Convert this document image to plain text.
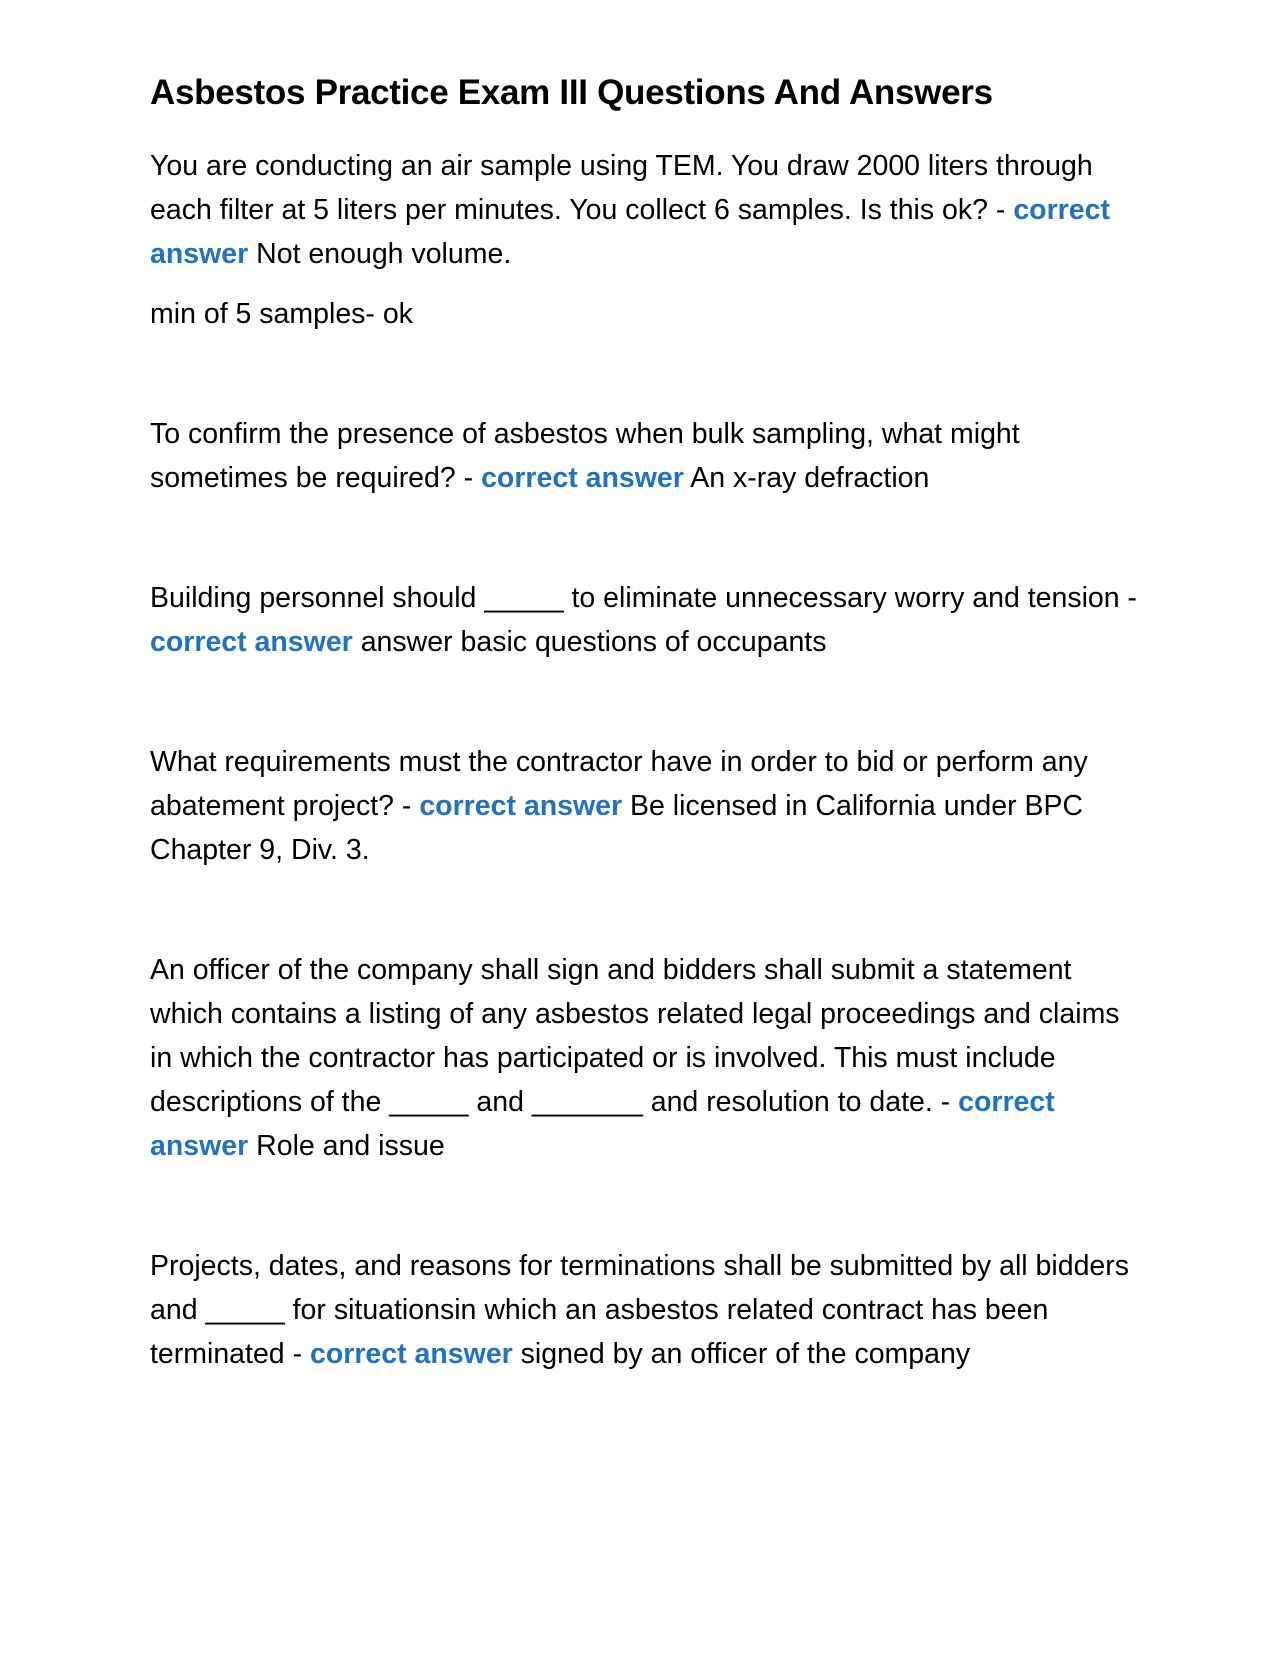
Asbestos Practice Exam III Questions And Answers

You are conducting an air sample using TEM. You draw 2000 liters through each filter at 5 liters per minutes. You collect 6 samples. Is this ok? - correct answer Not enough volume.

min of 5 samples- ok

To confirm the presence of asbestos when bulk sampling, what might sometimes be required? - correct answer An x-ray defraction

Building personnel should _____ to eliminate unnecessary worry and tension - correct answer answer basic questions of occupants

What requirements must the contractor have in order to bid or perform any abatement project? - correct answer Be licensed in California under BPC Chapter 9, Div. 3.

An officer of the company shall sign and bidders shall submit a statement which contains a listing of any asbestos related legal proceedings and claims in which the contractor has participated or is involved. This must include descriptions of the _____ and _______ and resolution to date. - correct answer Role and issue

Projects, dates, and reasons for terminations shall be submitted by all bidders and _____ for situationsin which an asbestos related contract has been terminated - correct answer signed by an officer of the company
